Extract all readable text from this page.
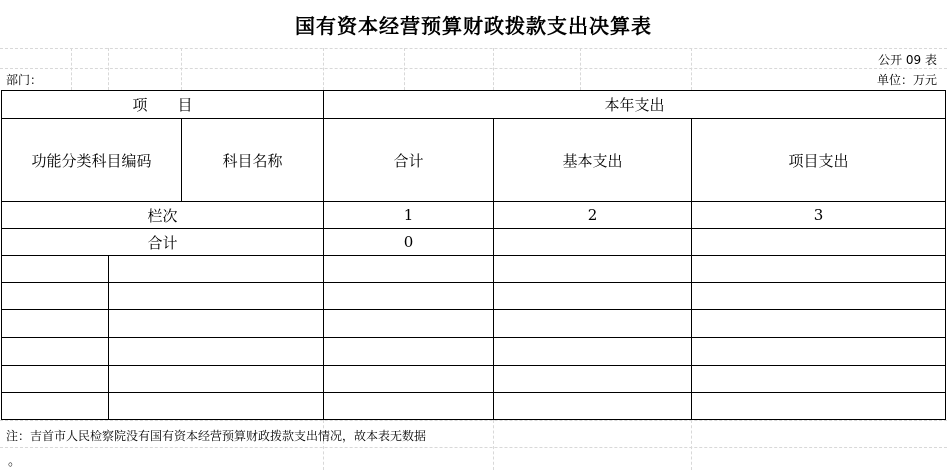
国有资本经营预算财政拨款支出决算表
公开 09 表
部门：	单位：万元
项　　目			本年支出		
功能分类科目编码		科目名称	合计	基本支出	项目支出
栏次			1	2	3
合计			0		

注：吉首市人民检察院没有国有资本经营预算财政拨款支出情况，故本表无数据
。
